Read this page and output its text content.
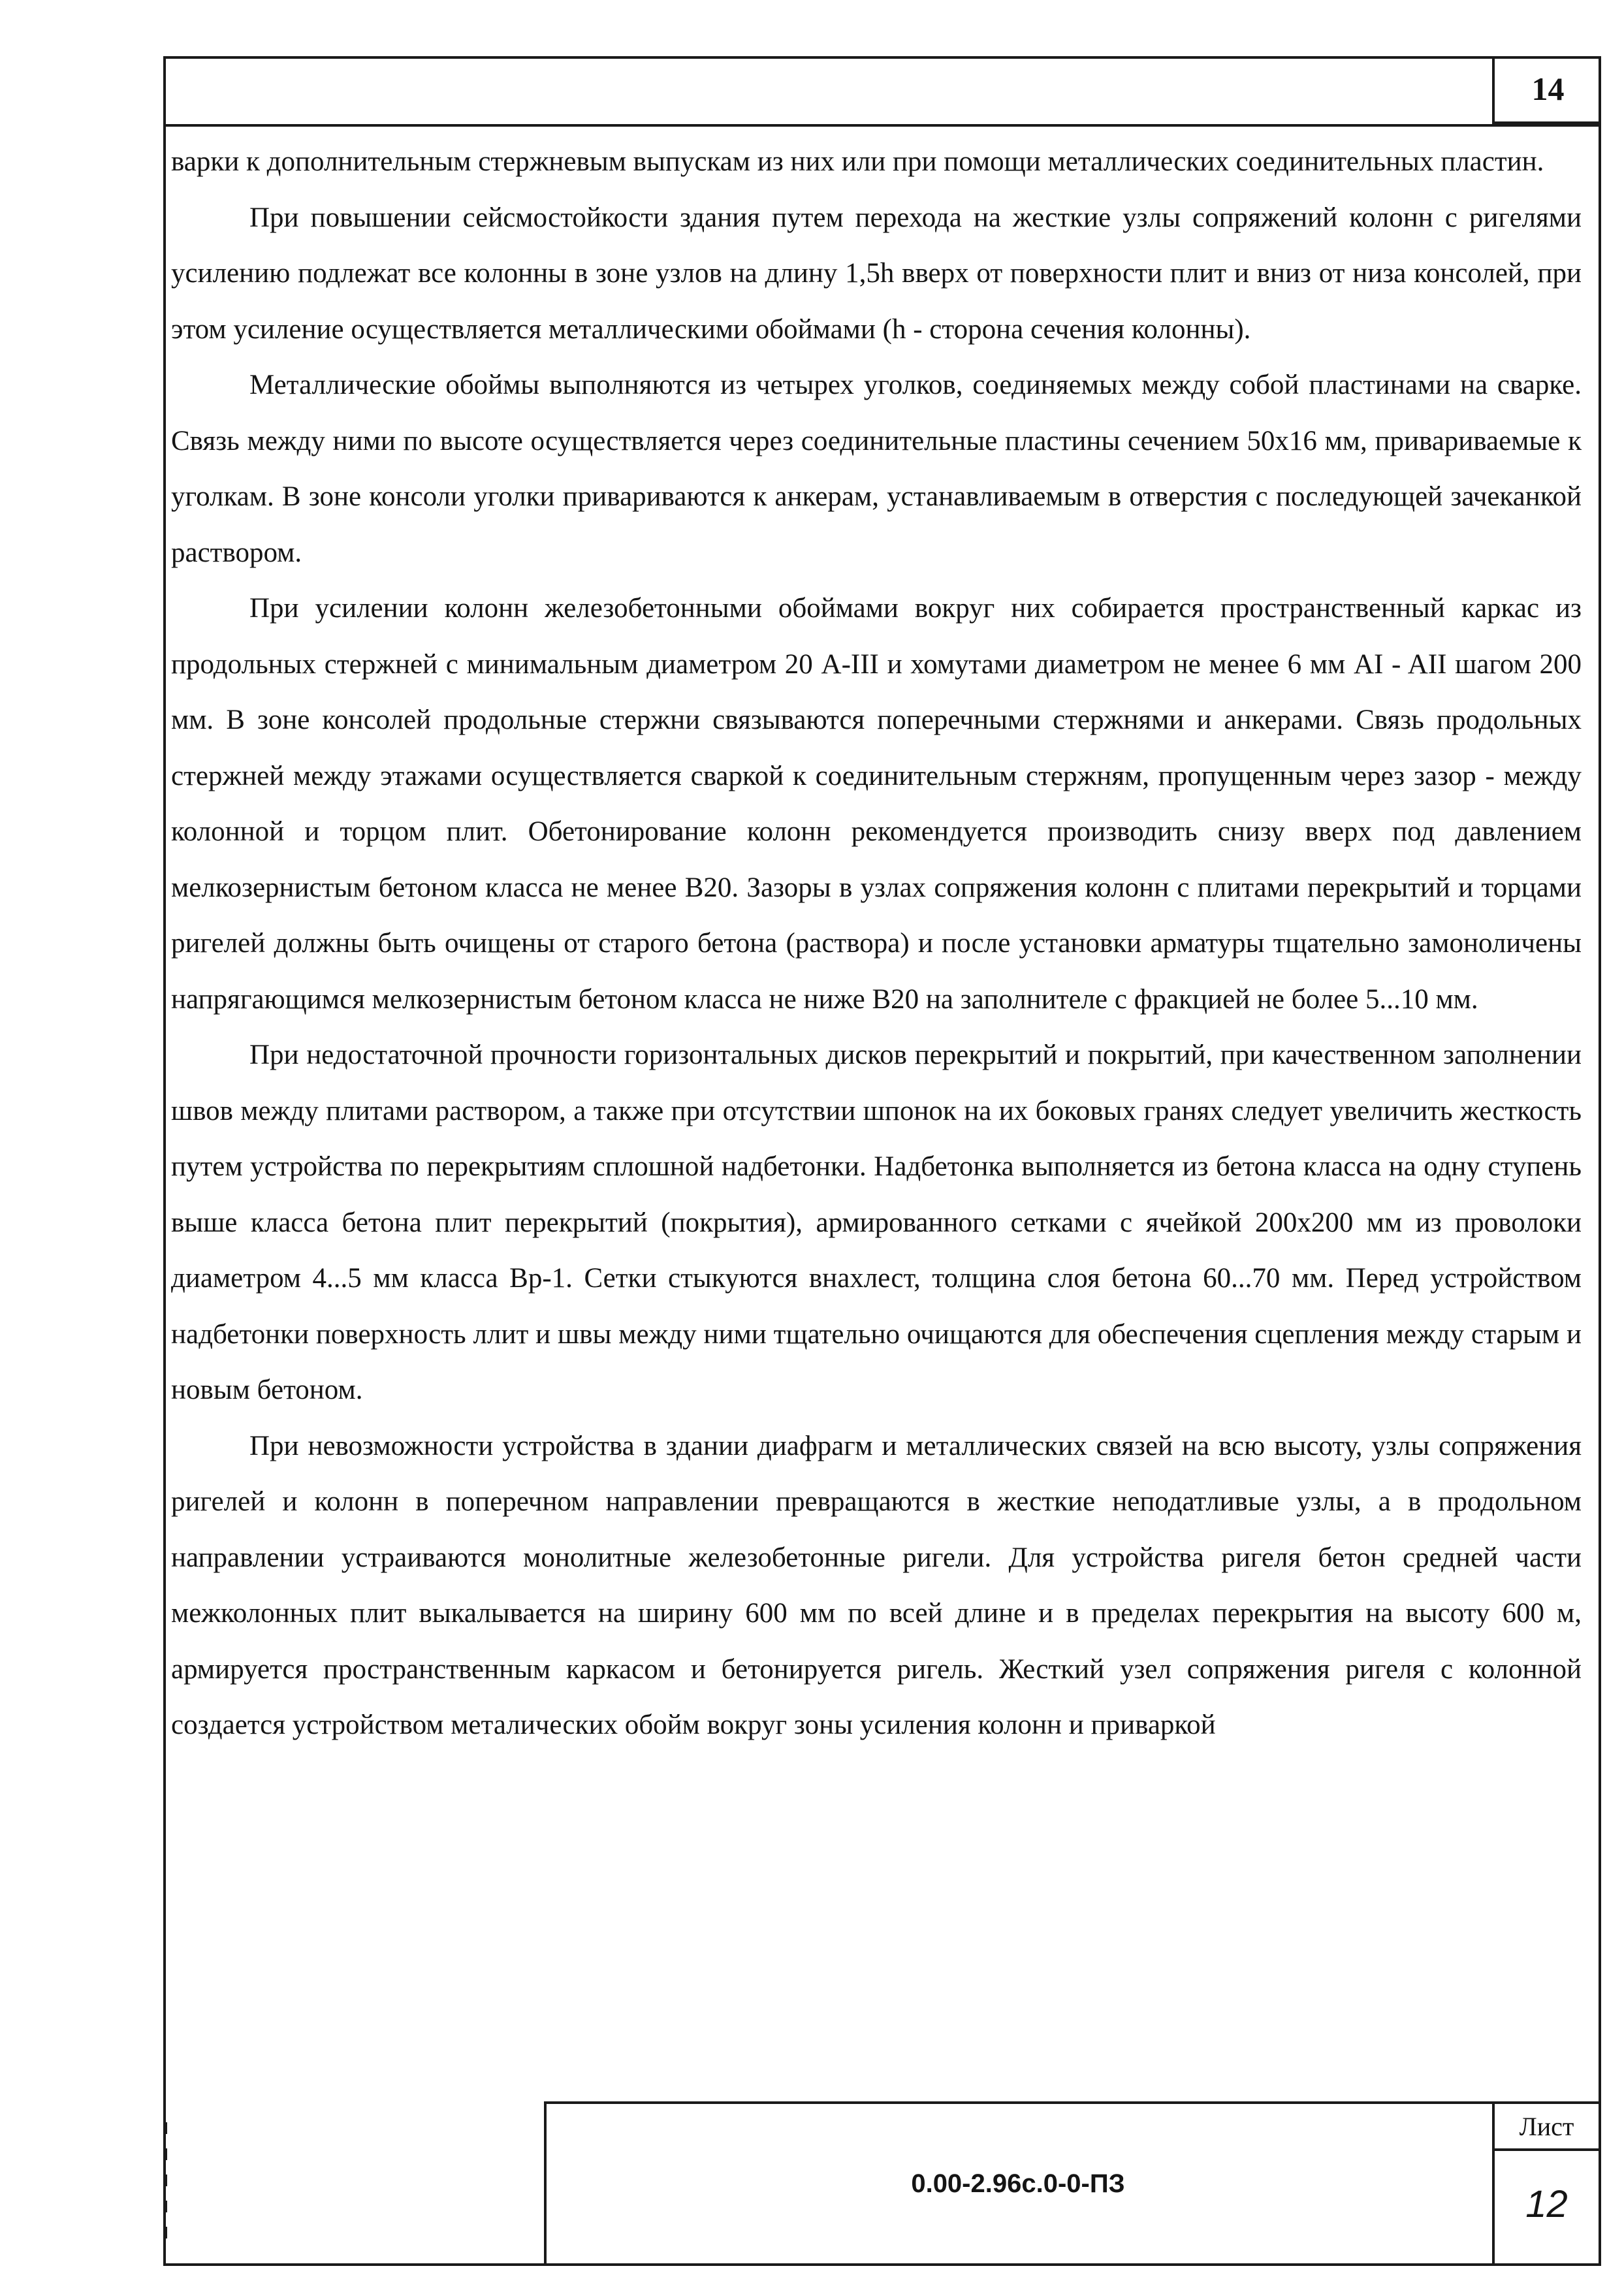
14

варки к дополнительным стержневым выпускам из них или при помощи металлических соединительных пластин.

При повышении сейсмостойкости здания путем перехода на жесткие узлы сопряжений колонн с ригелями усилению подлежат все колонны в зоне узлов на длину 1,5h вверх от поверхности плит и вниз от низа консолей, при этом усиление осуществляется металлическими обоймами (h - сторона сечения колонны).

Металлические обоймы выполняются из четырех уголков, соединяемых между собой пластинами на сварке. Связь между ними по высоте осуществляется через соединительные пластины сечением 50x16 мм, привариваемые к уголкам. В зоне консоли уголки привариваются к анкерам, устанавливаемым в отверстия с последующей зачеканкой раствором.

При усилении колонн железобетонными обоймами вокруг них собирается пространственный каркас из продольных стержней с минимальным диаметром 20 А-III и хомутами диаметром не менее 6 мм AI - AII шагом 200 мм. В зоне консолей продольные стержни связываются поперечными стержнями и анкерами. Связь продольных стержней между этажами осуществляется сваркой к соединительным стержням, пропущенным через зазор - между колонной и торцом плит. Обетонирование колонн рекомендуется производить снизу вверх под давлением мелкозернистым бетоном класса не менее В20. Зазоры в узлах сопряжения колонн с плитами перекрытий и торцами ригелей должны быть очищены от старого бетона (раствора) и после установки арматуры тщательно замоноличены напрягающимся мелкозернистым бетоном класса не ниже В20 на заполнителе с фракцией не более 5...10 мм.

При недостаточной прочности горизонтальных дисков перекрытий и покрытий, при качественном заполнении швов между плитами раствором, а также при отсутствии шпонок на их боковых гранях следует увеличить жесткость путем устройства по перекрытиям сплошной надбетонки. Надбетонка выполняется из бетона класса на одну ступень выше класса бетона плит перекрытий (покрытия), армированного сетками с ячейкой 200x200 мм из проволоки диаметром 4...5 мм класса Вр-1. Сетки стыкуются внахлест, толщина слоя бетона 60...70 мм. Перед устройством надбетонки поверхность ллит и швы между ними тщательно очищаются для обеспечения сцепления между старым и новым бетоном.

При невозможности устройства в здании диафрагм и металлических связей на всю высоту, узлы сопряжения ригелей и колонн в поперечном направлении превращаются в жесткие неподатливые узлы, а в продольном направлении устраиваются монолитные железобетонные ригели. Для устройства ригеля бетон средней части межколонных плит выкалывается на ширину 600 мм по всей длине и в пределах перекрытия на высоту 600 м, армируется пространственным каркасом и бетонируется ригель. Жесткий узел сопряжения ригеля с колонной создается устройством металических обойм вокруг зоны усиления колонн и приваркой

0.00-2.96с.0-0-ПЗ
Лист
12
